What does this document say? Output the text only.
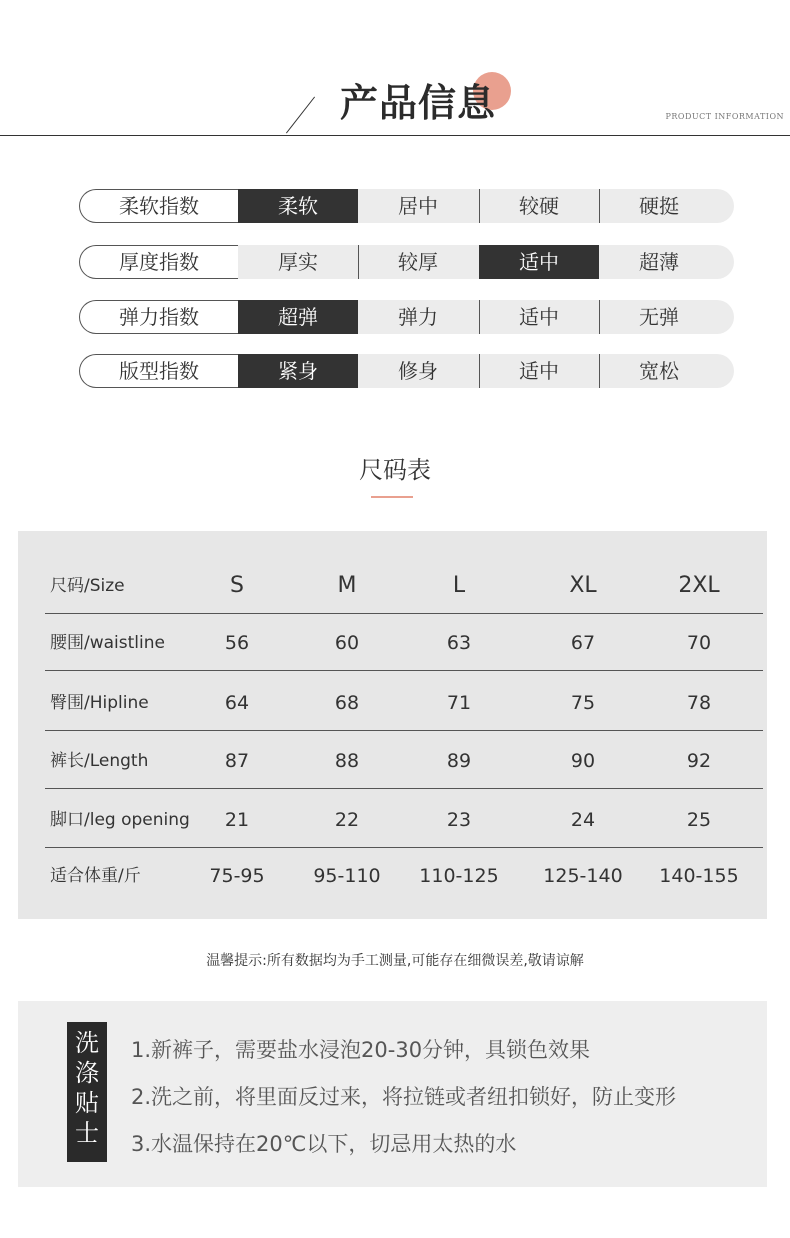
产品信息	PRODUCT INFORMATION
柔软指数	柔软	居中	较硬	硬挺
厚度指数	厚实	较厚	适中	超薄
弹力指数	超弹	弹力	适中	无弹
版型指数	紧身	修身	适中	宽松
尺码表
尺码/Size	S	M	L	XL	2XL
腰围/waistline	56	60	63	67	70
臀围/Hipline	64	68	71	75	78
裤长/Length	87	88	89	90	92
脚口/leg opening	21	22	23	24	25
适合体重/斤	75-95	95-110	110-125	125-140	140-155
温馨提示:所有数据均为手工测量,可能存在细微误差,敬请谅解
洗
涤
贴
士
1.新裤子，需要盐水浸泡20-30分钟，具锁色效果
2.洗之前，将里面反过来，将拉链或者纽扣锁好，防止变形
3.水温保持在20℃以下，切忌用太热的水
